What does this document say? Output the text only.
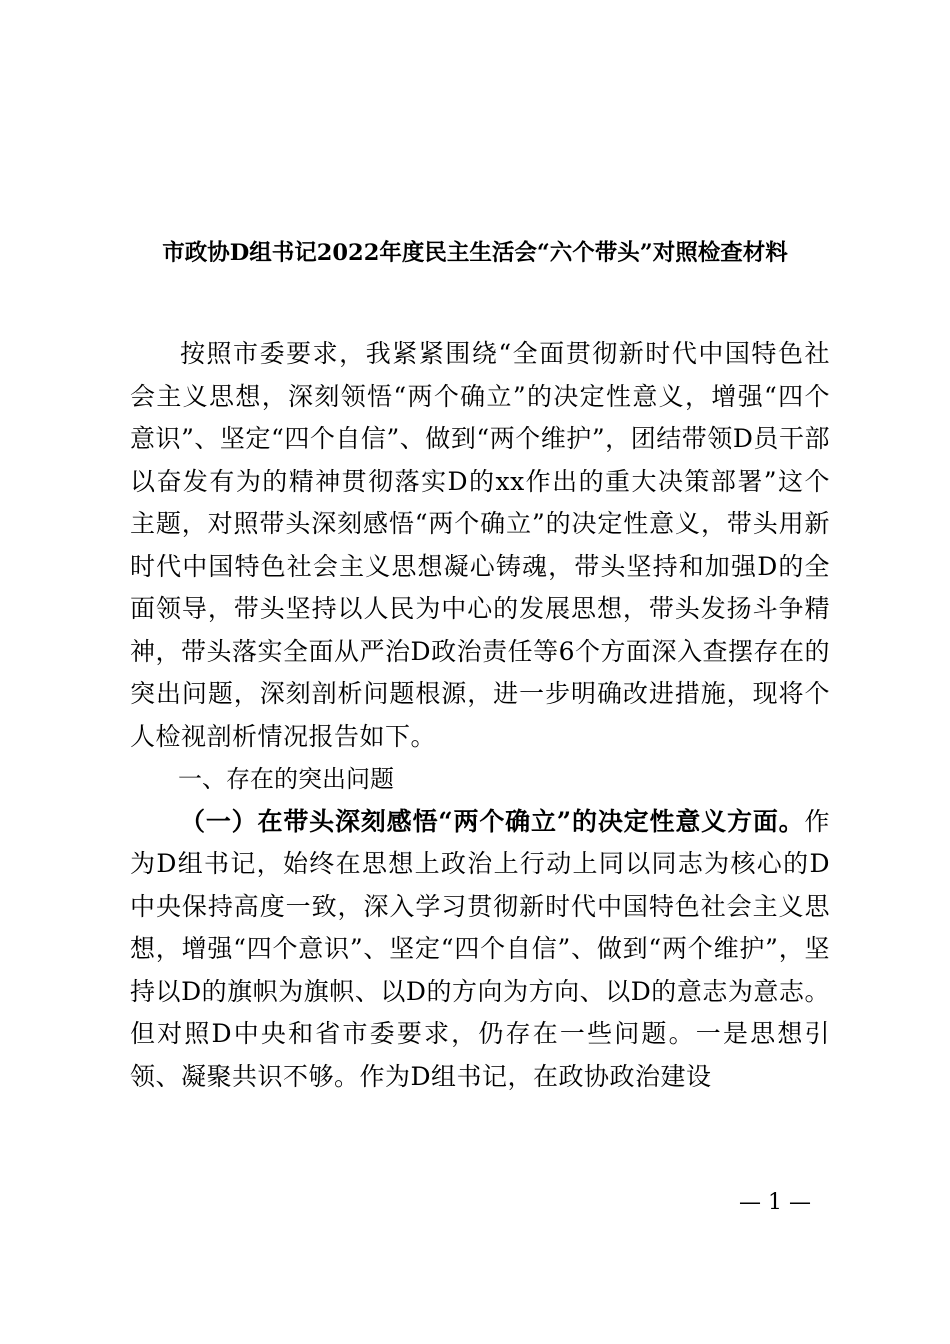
市政协D组书记2022年度民主生活会“六个带头”对照检查材料

按照市委要求，我紧紧围绕“全面贯彻新时代中国特色社会主义思想，深刻领悟“两个确立”的决定性意义，增强“四个意识”、坚定“四个自信”、做到“两个维护”，团结带领D员干部以奋发有为的精神贯彻落实D的xx作出的重大决策部署”这个主题，对照带头深刻感悟“两个确立”的决定性意义，带头用新时代中国特色社会主义思想凝心铸魂，带头坚持和加强D的全面领导，带头坚持以人民为中心的发展思想，带头发扬斗争精神，带头落实全面从严治D政治责任等6个方面深入查摆存在的突出问题，深刻剖析问题根源，进一步明确改进措施，现将个人检视剖析情况报告如下。

一、存在的突出问题

（一）在带头深刻感悟“两个确立”的决定性意义方面。作为D组书记，始终在思想上政治上行动上同以同志为核心的D中央保持高度一致，深入学习贯彻新时代中国特色社会主义思想，增强“四个意识”、坚定“四个自信”、做到“两个维护”，坚持以D的旗帜为旗帜、以D的方向为方向、以D的意志为意志。但对照D中央和省市委要求，仍存在一些问题。一是思想引领、凝聚共识不够。作为D组书记，在政协政治建设

— 1 —
